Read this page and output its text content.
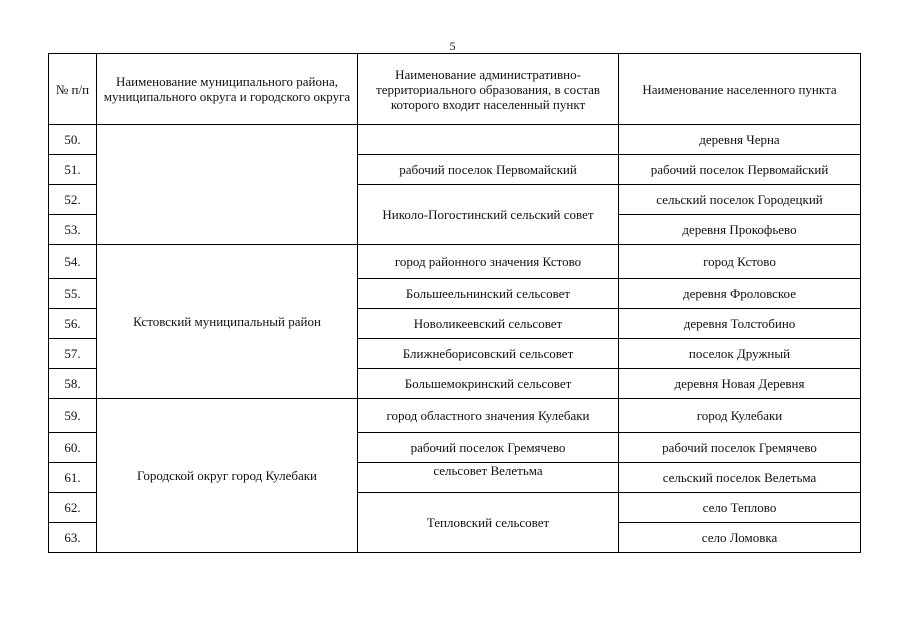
5
№ п/п	Наименование муниципального района, муниципального округа и городского округа	Наименование административно-территориального образования, в состав которого входит населенный пункт	Наименование населенного пункта
50.			деревня Черна
51.		рабочий поселок Первомайский	рабочий поселок Первомайский
52.		Николо-Погостинский сельский совет	сельский поселок Городецкий
53.			деревня Прокофьево
54.	Кстовский муниципальный район	город районного значения Кстово	город Кстово
55.		Большеельнинский сельсовет	деревня Фроловское
56.		Новоликеевский сельсовет	деревня Толстобино
57.		Ближнеборисовский сельсовет	поселок Дружный
58.		Большемокринский сельсовет	деревня Новая Деревня
59.	Городской округ город Кулебаки	город областного значения Кулебаки	город Кулебаки
60.		рабочий поселок Гремячево	рабочий поселок Гремячево
61.		сельсовет Велетьма	сельский поселок Велетьма
62.		Тепловский сельсовет	село Теплово
63.			село Ломовка
